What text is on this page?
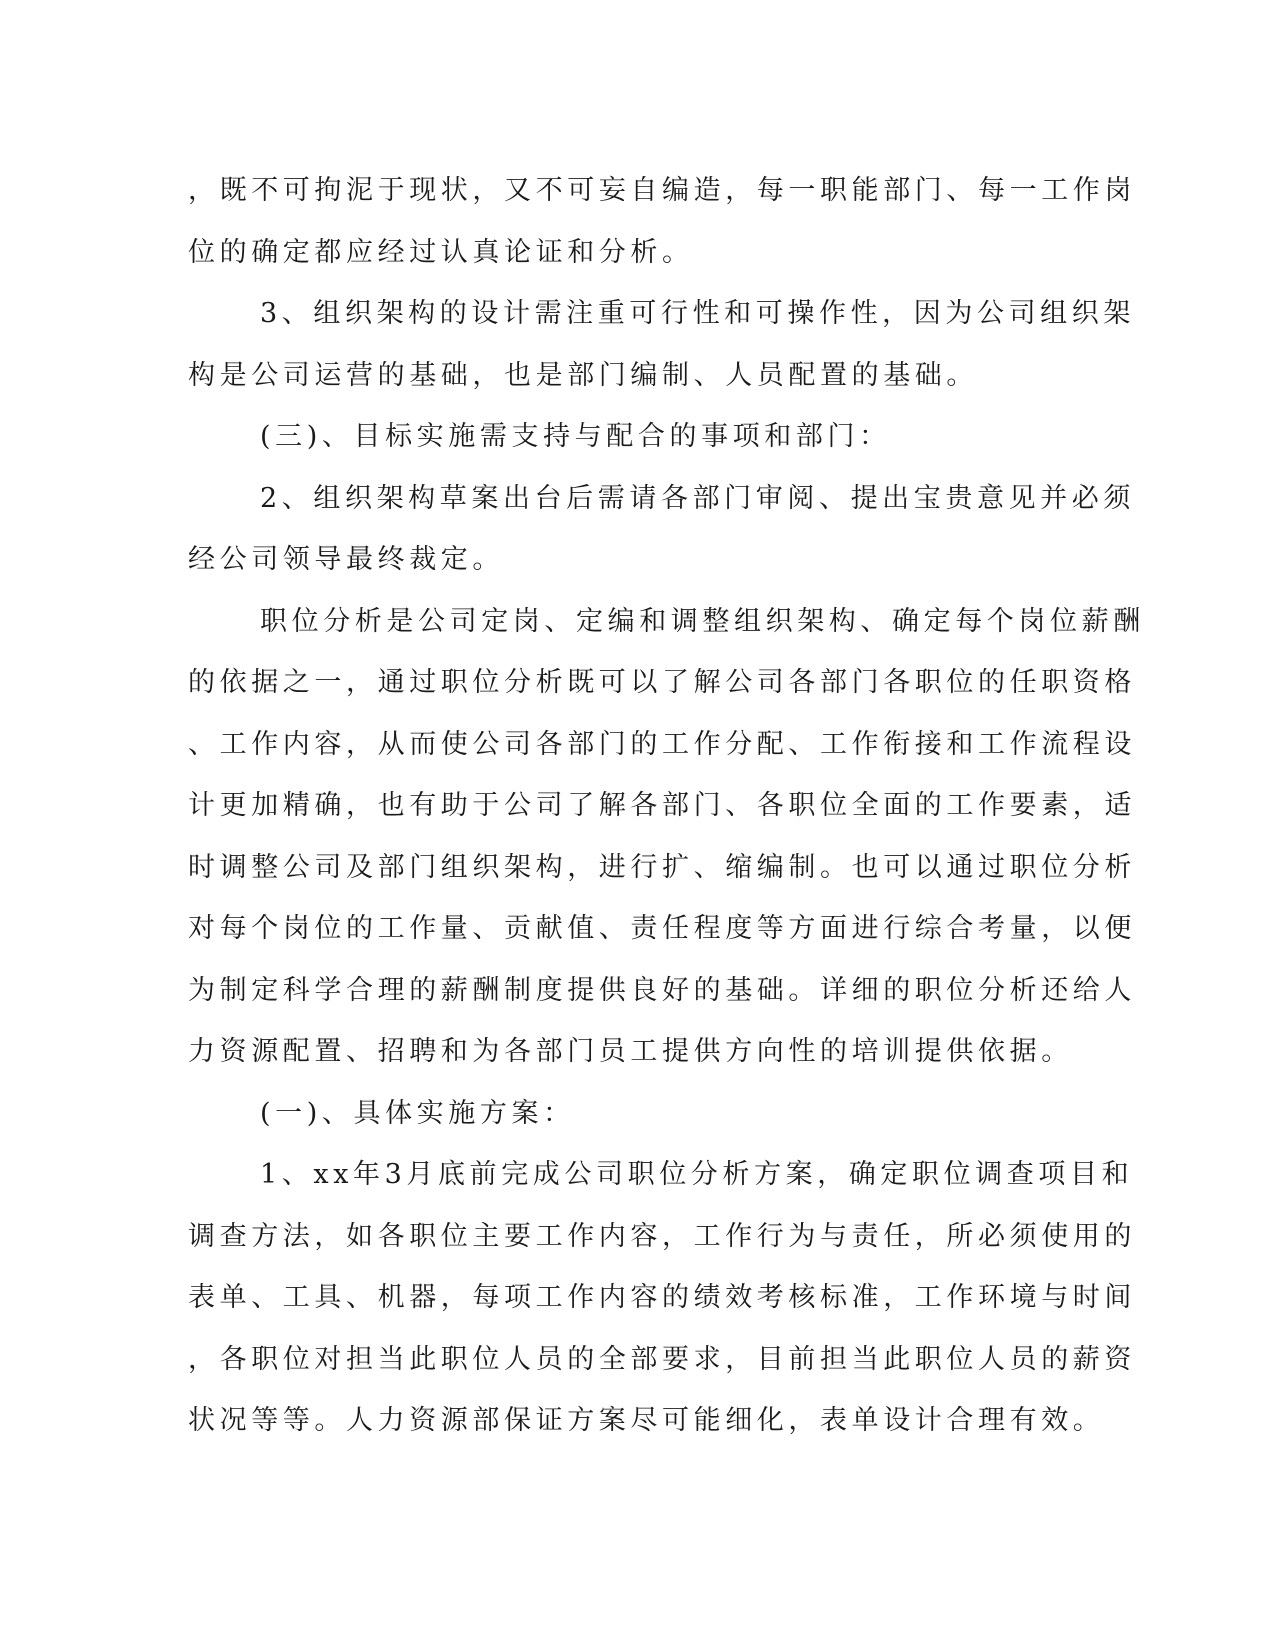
，既不可拘泥于现状，又不可妄自编造，每一职能部门、每一工作岗
位的确定都应经过认真论证和分析。
3、组织架构的设计需注重可行性和可操作性，因为公司组织架
构是公司运营的基础，也是部门编制、人员配置的基础。
(三)、目标实施需支持与配合的事项和部门：
2、组织架构草案出台后需请各部门审阅、提出宝贵意见并必须
经公司领导最终裁定。
职位分析是公司定岗、定编和调整组织架构、确定每个岗位薪酬
的依据之一，通过职位分析既可以了解公司各部门各职位的任职资格
、工作内容，从而使公司各部门的工作分配、工作衔接和工作流程设
计更加精确，也有助于公司了解各部门、各职位全面的工作要素，适
时调整公司及部门组织架构，进行扩、缩编制。也可以通过职位分析
对每个岗位的工作量、贡献值、责任程度等方面进行综合考量，以便
为制定科学合理的薪酬制度提供良好的基础。详细的职位分析还给人
力资源配置、招聘和为各部门员工提供方向性的培训提供依据。
(一)、具体实施方案：
1、xx年3月底前完成公司职位分析方案，确定职位调查项目和
调查方法，如各职位主要工作内容，工作行为与责任，所必须使用的
表单、工具、机器，每项工作内容的绩效考核标准，工作环境与时间
，各职位对担当此职位人员的全部要求，目前担当此职位人员的薪资
状况等等。人力资源部保证方案尽可能细化，表单设计合理有效。
